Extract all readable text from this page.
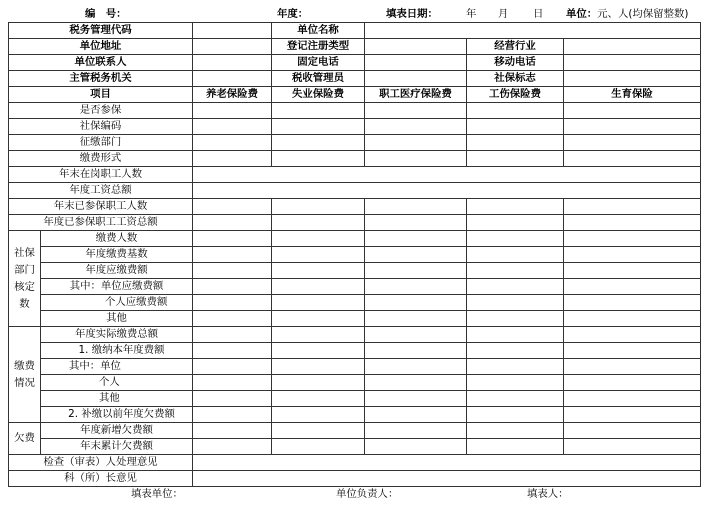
编　号：	年度：	填表日期：	年 月 日 单位：元、人(均保留整数)
税务管理代码			单位名称			
单位地址			登记注册类型		经营行业	
单位联系人			固定电话		移动电话	
主管税务机关			税收管理员		社保标志	
项目		养老保险费	失业保险费	职工医疗保险费	工伤保险费	生育保险
是否参保						
社保编码						
征缴部门						
缴费形式						
年末在岗职工人数						
年度工资总额						
年末已参保职工人数						
年度已参保职工工资总额						
社保部门核定数	缴费人数					
	年度缴费基数					
	年度应缴费额					
	其中：单位应缴费额					
	个人应缴费额					
	其他					
缴费情况	年度实际缴费总额					
	1. 缴纳本年度费额					
	其中：单位					
	个人					
	其他					
	2. 补缴以前年度欠费额					
欠费	年度新增欠费额					
	年末累计欠费额					
检查（审表）人处理意见						
科（所）长意见						
填表单位：	单位负责人：	填表人：
